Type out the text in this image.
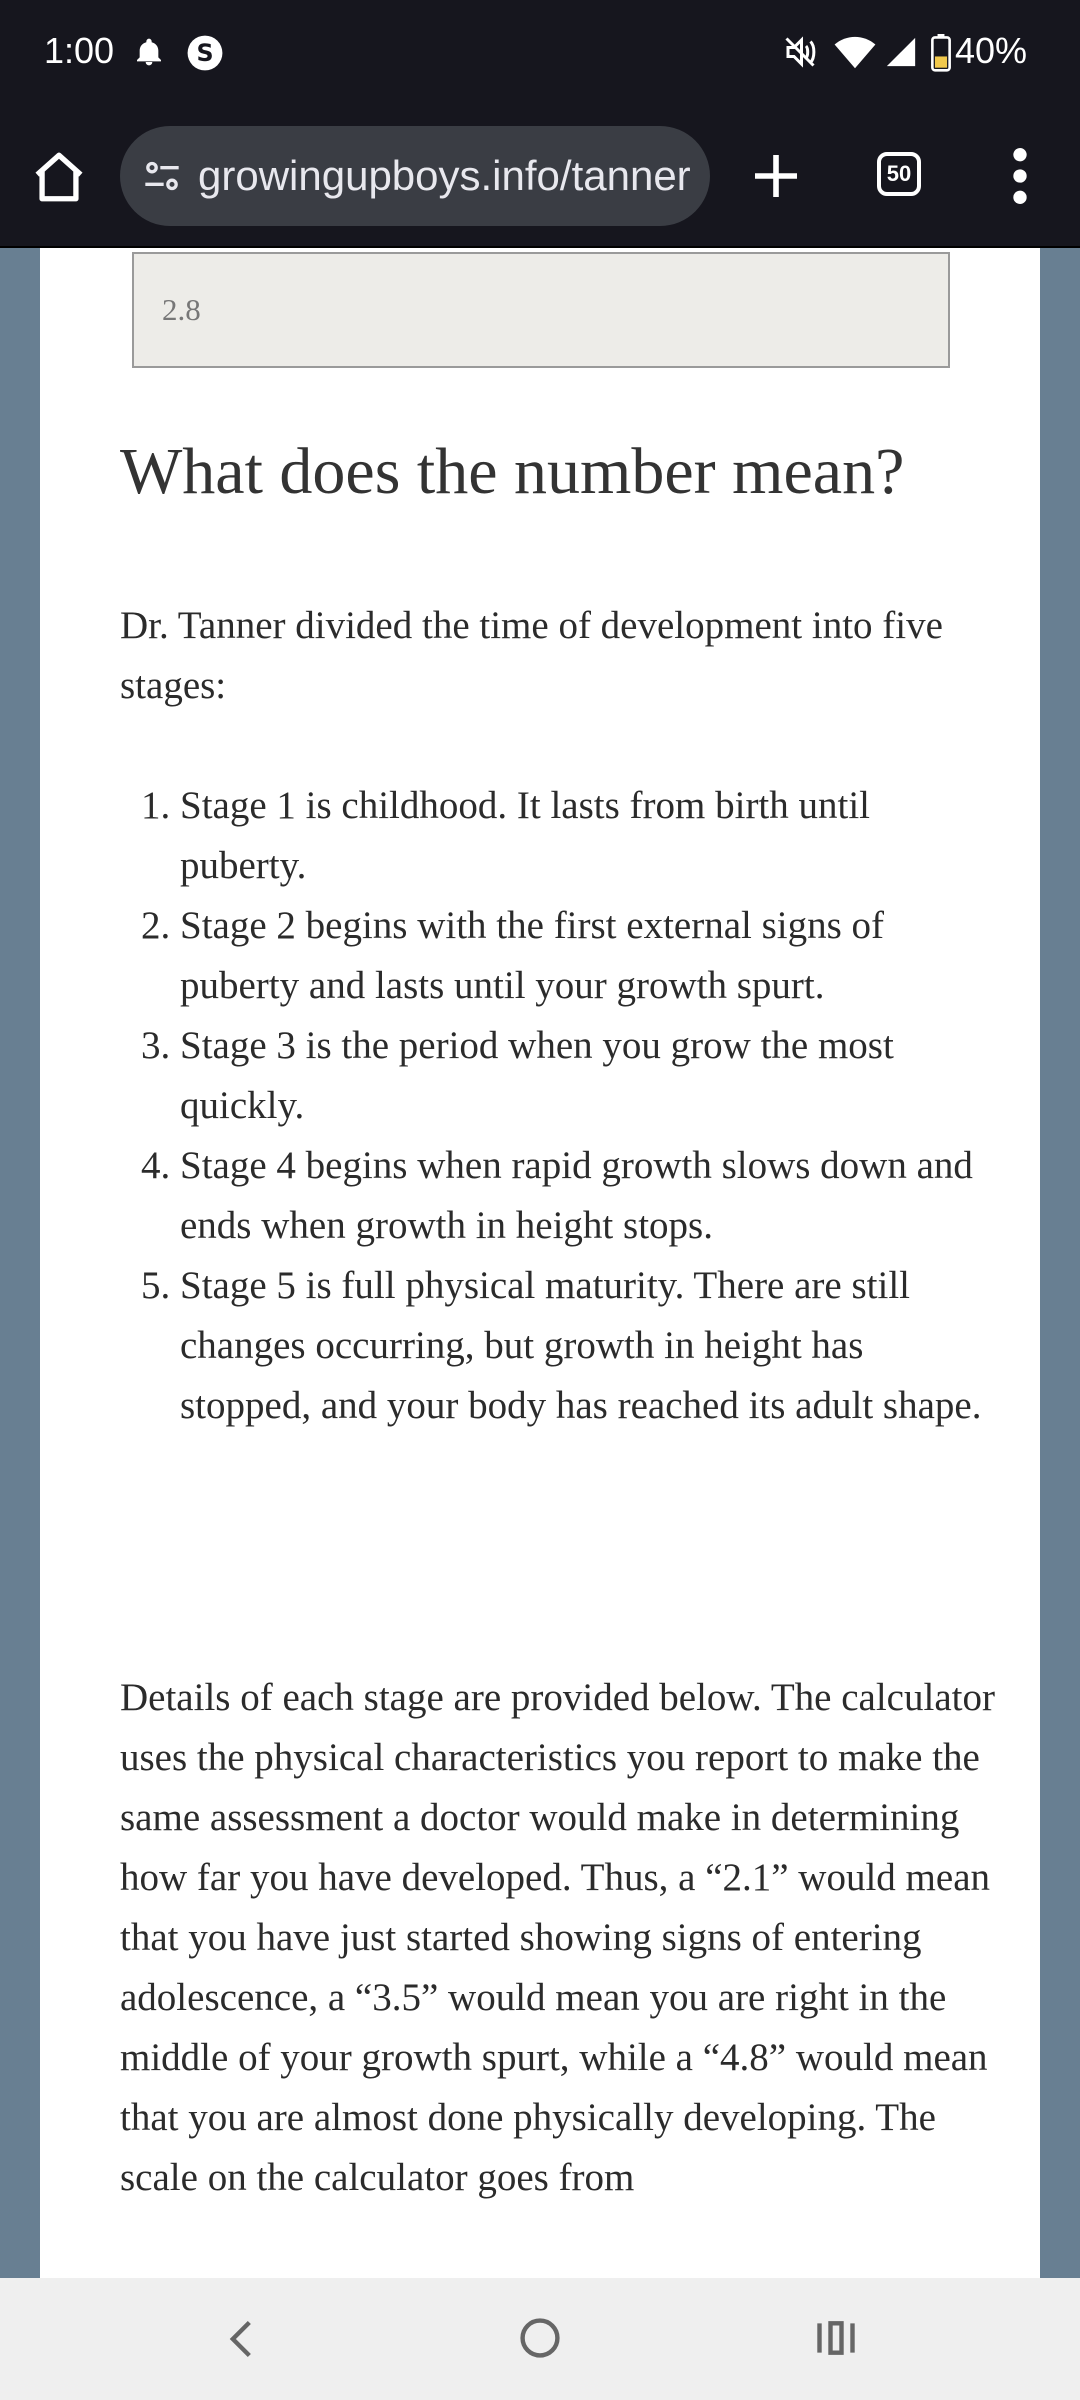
1:00	S	40%
growingupboys.info/tanner	50
2.8
What does the number mean?

Dr. Tanner divided the time of development into five stages:

1. Stage 1 is childhood. It lasts from birth until puberty.
2. Stage 2 begins with the first external signs of puberty and lasts until your growth spurt.
3. Stage 3 is the period when you grow the most quickly.
4. Stage 4 begins when rapid growth slows down and ends when growth in height stops.
5. Stage 5 is full physical maturity. There are still changes occurring, but growth in height has stopped, and your body has reached its adult shape.

Details of each stage are provided below. The calculator uses the physical characteristics you report to make the same assessment a doctor would make in determining how far you have developed. Thus, a “2.1” would mean that you have just started showing signs of entering adolescence, a “3.5” would mean you are right in the middle of your growth spurt, while a “4.8” would mean that you are almost done physically developing. The scale on the calculator goes from
